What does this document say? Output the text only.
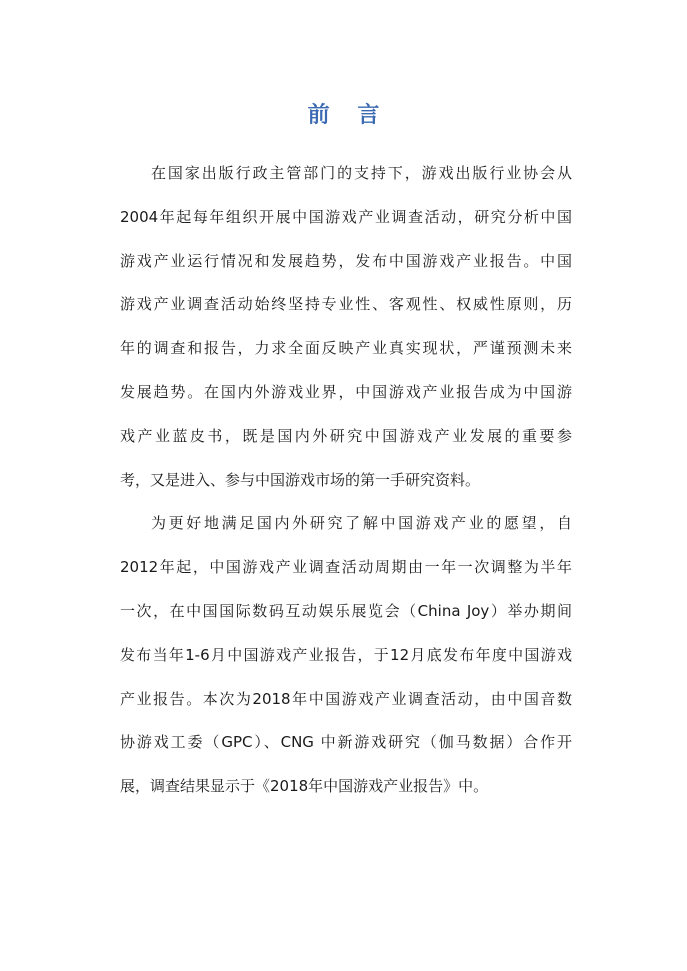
前 言
在国家出版行政主管部门的支持下，游戏出版行业协会从
2004年起每年组织开展中国游戏产业调查活动，研究分析中国
游戏产业运行情况和发展趋势，发布中国游戏产业报告。中国
游戏产业调查活动始终坚持专业性、客观性、权威性原则，历
年的调查和报告，力求全面反映产业真实现状，严谨预测未来
发展趋势。在国内外游戏业界，中国游戏产业报告成为中国游
戏产业蓝皮书，既是国内外研究中国游戏产业发展的重要参
考，又是进入、参与中国游戏市场的第一手研究资料。
为更好地满足国内外研究了解中国游戏产业的愿望，自
2012年起，中国游戏产业调查活动周期由一年一次调整为半年
一次，在中国国际数码互动娱乐展览会（China Joy）举办期间
发布当年1-6月中国游戏产业报告，于12月底发布年度中国游戏
产业报告。本次为2018年中国游戏产业调查活动，由中国音数
协游戏工委（GPC）、CNG 中新游戏研究（伽马数据）合作开
展，调查结果显示于《2018年中国游戏产业报告》中。
